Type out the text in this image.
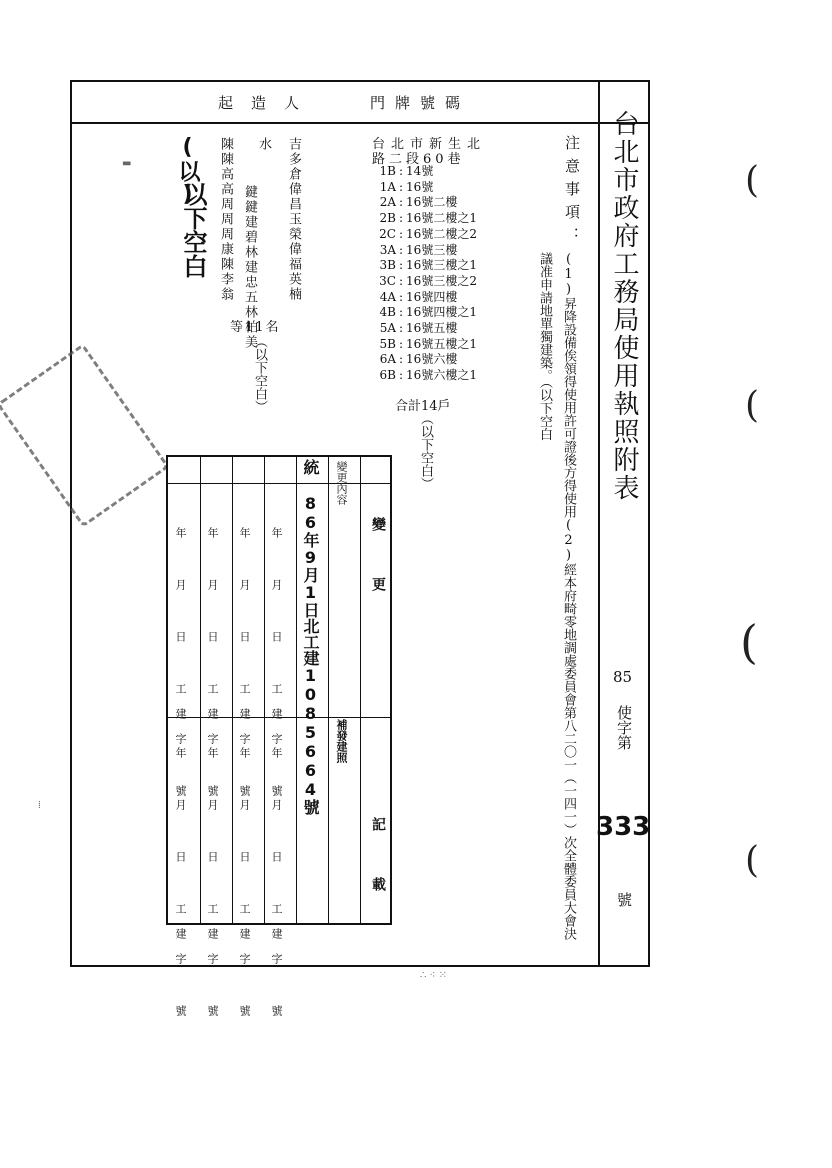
台北市政府工務局使用執照附表
85
使字第
333
號
注意事項：
(1)昇降設備俟領得使用許可證後方得使用(2)經本府畸零地調處委員會第八二〇一（一四一）次全體委員大會決議准申請地單獨建築。（以下空白
起造人	門牌號碼
台北市新生北
路二段60巷
1B : 14號
1A : 16號
2A : 16號二樓
2B : 16號二樓之1
2C : 16號二樓之2
3A : 16號三樓
3B : 16號三樓之1
3C : 16號三樓之2
4A : 16號四樓
4B : 16號四樓之1
5A : 16號五樓
5B : 16號五樓之1
6A : 16號六樓
6B : 16號六樓之1
合計14戶
（以下空白）
吉多倉偉昌玉榮偉福英楠
水
陳陳高高周周周康陳李翁 鍵鍵建碧林建忠五林柏美
等11名
（以下空白）
(以)
以下空白
變
更
記
載
變更內容
統 86年9月1日北工建1085664號 補發建照
年 月 日 工建字 號
年 月 日 工建字 號
年 月 日 工建字 號
年 月 日 工建字 號
年 月 日 工建字 號
年 月 日 工建字 號
年 月 日 工建字 號
年 月 日 工建字 號
(
(
(
(
▬
⁞
∴ ⁖ ⁙
